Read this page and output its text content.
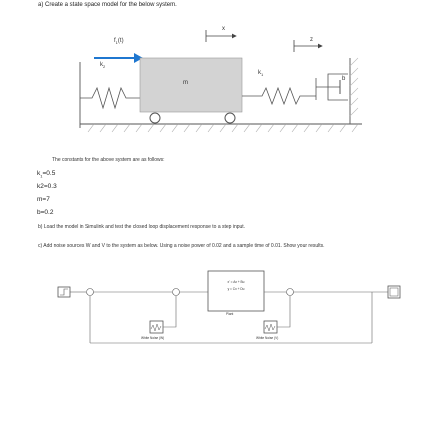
a) Create a state space model for the below system.
$f_1(t)$
$k_2$
m
$k_1$
b
x
z
The constants for the above system are as follows:
$k_1=0.5$
k2=0.3
m=7
b=0.2
b) Load the model in Simulink and test the closed loop displacement response to a step input.
c) Add noise sources W and V to the system as below. Using a noise power of 0.02 and a sample time of 0.01. Show your results.
x' = Ax + Bu
y = Cx + Du
Plant
White Noise (W)	White Noise (V)
